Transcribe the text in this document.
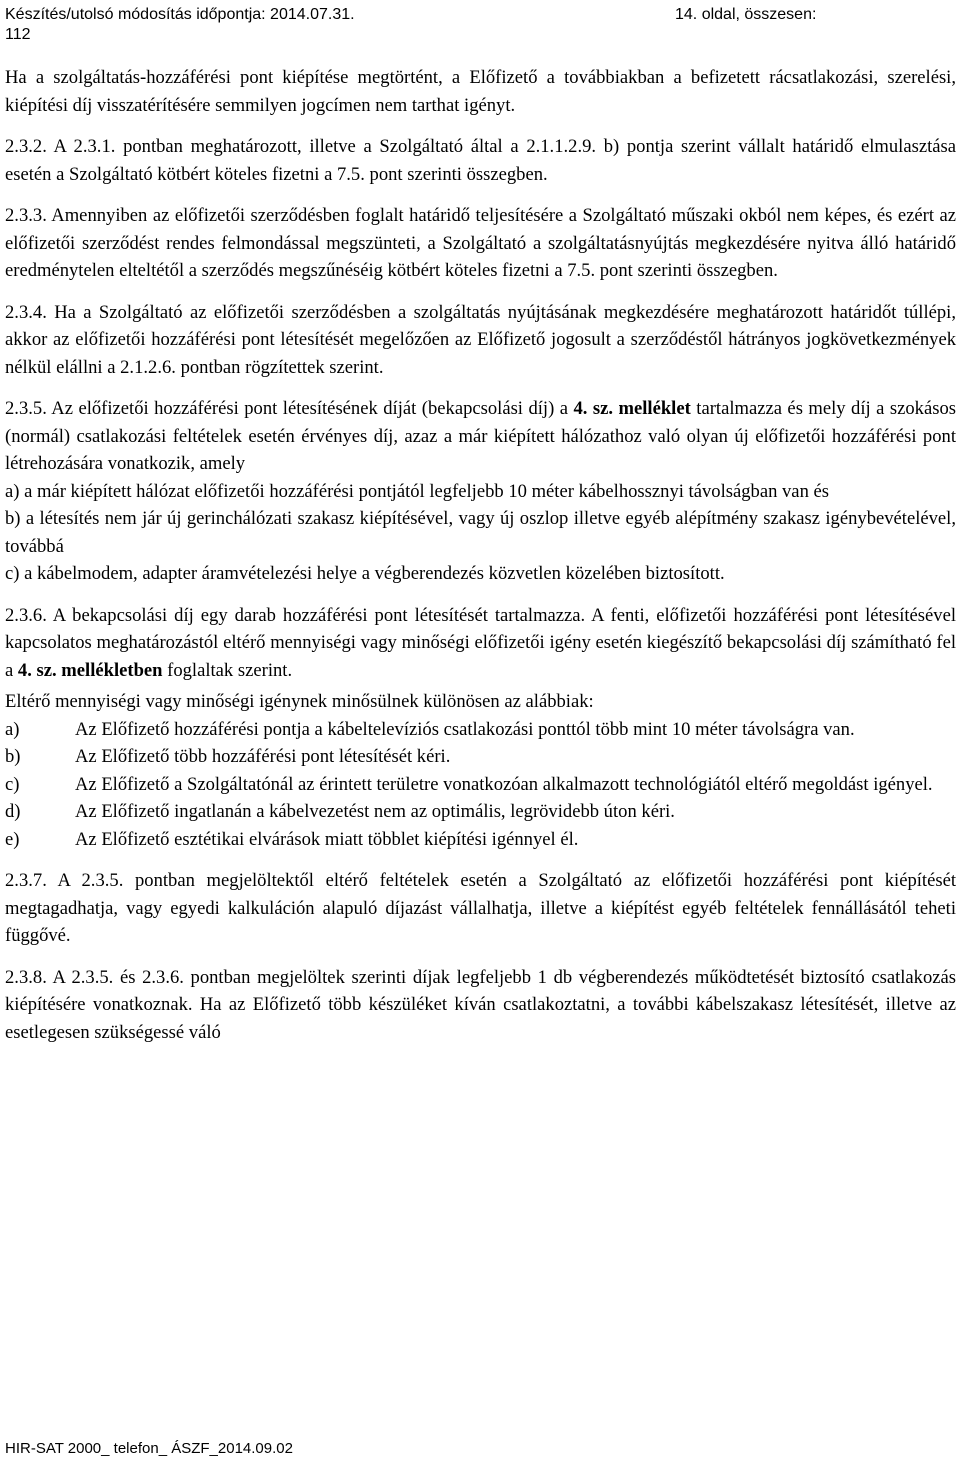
Készítés/utolsó módosítás időpontja: 2014.07.31.	14. oldal, összesen:
112

Ha a szolgáltatás-hozzáférési pont kiépítése megtörtént, a Előfizető a továbbiakban a befizetett rácsatlakozási, szerelési, kiépítési díj visszatérítésére semmilyen jogcímen nem tarthat igényt.

2.3.2. A 2.3.1. pontban meghatározott, illetve a Szolgáltató által a 2.1.1.2.9. b) pontja szerint vállalt határidő elmulasztása esetén a Szolgáltató kötbért köteles fizetni a 7.5. pont szerinti összegben.

2.3.3. Amennyiben az előfizetői szerződésben foglalt határidő teljesítésére a Szolgáltató műszaki okból nem képes, és ezért az előfizetői szerződést rendes felmondással megszünteti, a Szolgáltató a szolgáltatásnyújtás megkezdésére nyitva álló határidő eredménytelen elteltétől a szerződés megszűnéséig kötbért köteles fizetni a 7.5. pont szerinti összegben.

2.3.4. Ha a Szolgáltató az előfizetői szerződésben a szolgáltatás nyújtásának megkezdésére meghatározott határidőt túllépi, akkor az előfizetői hozzáférési pont létesítését megelőzően az Előfizető jogosult a szerződéstől hátrányos jogkövetkezmények nélkül elállni a 2.1.2.6. pontban rögzítettek szerint.

2.3.5. Az előfizetői hozzáférési pont létesítésének díját (bekapcsolási díj) a 4. sz. melléklet tartalmazza és mely díj a szokásos (normál) csatlakozási feltételek esetén érvényes díj, azaz a már kiépített hálózathoz való olyan új előfizetői hozzáférési pont létrehozására vonatkozik, amely

a) a már kiépített hálózat előfizetői hozzáférési pontjától legfeljebb 10 méter kábelhossznyi távolságban van és

b) a létesítés nem jár új gerinchálózati szakasz kiépítésével, vagy új oszlop illetve egyéb alépítmény szakasz igénybevételével, továbbá

c) a kábelmodem, adapter áramvételezési helye a végberendezés közvetlen közelében biztosított.

2.3.6. A bekapcsolási díj egy darab hozzáférési pont létesítését tartalmazza. A fenti, előfizetői hozzáférési pont létesítésével kapcsolatos meghatározástól eltérő mennyiségi vagy minőségi előfizetői igény esetén kiegészítő bekapcsolási díj számítható fel a 4. sz. mellékletben foglaltak szerint.

Eltérő mennyiségi vagy minőségi igénynek minősülnek különösen az alábbiak:

a)	Az Előfizető hozzáférési pontja a kábeltelevíziós csatlakozási ponttól több mint 10 méter távolságra van.
b)	Az Előfizető több hozzáférési pont létesítését kéri.
c)	Az Előfizető a Szolgáltatónál az érintett területre vonatkozóan alkalmazott technológiától eltérő megoldást igényel.
d)	Az Előfizető ingatlanán a kábelvezetést nem az optimális, legrövidebb úton kéri.
e)	Az Előfizető esztétikai elvárások miatt többlet kiépítési igénnyel él.

2.3.7. A 2.3.5. pontban megjelöltektől eltérő feltételek esetén a Szolgáltató az előfizetői hozzáférési pont kiépítését megtagadhatja, vagy egyedi kalkuláción alapuló díjazást vállalhatja, illetve a kiépítést egyéb feltételek fennállásától teheti függővé.

2.3.8. A 2.3.5. és 2.3.6. pontban megjelöltek szerinti díjak legfeljebb 1 db végberendezés működtetését biztosító csatlakozás kiépítésére vonatkoznak. Ha az Előfizető több készüléket kíván csatlakoztatni, a további kábelszakasz létesítését, illetve az esetlegesen szükségessé váló

HIR-SAT 2000_ telefon_ ÁSZF_2014.09.02
